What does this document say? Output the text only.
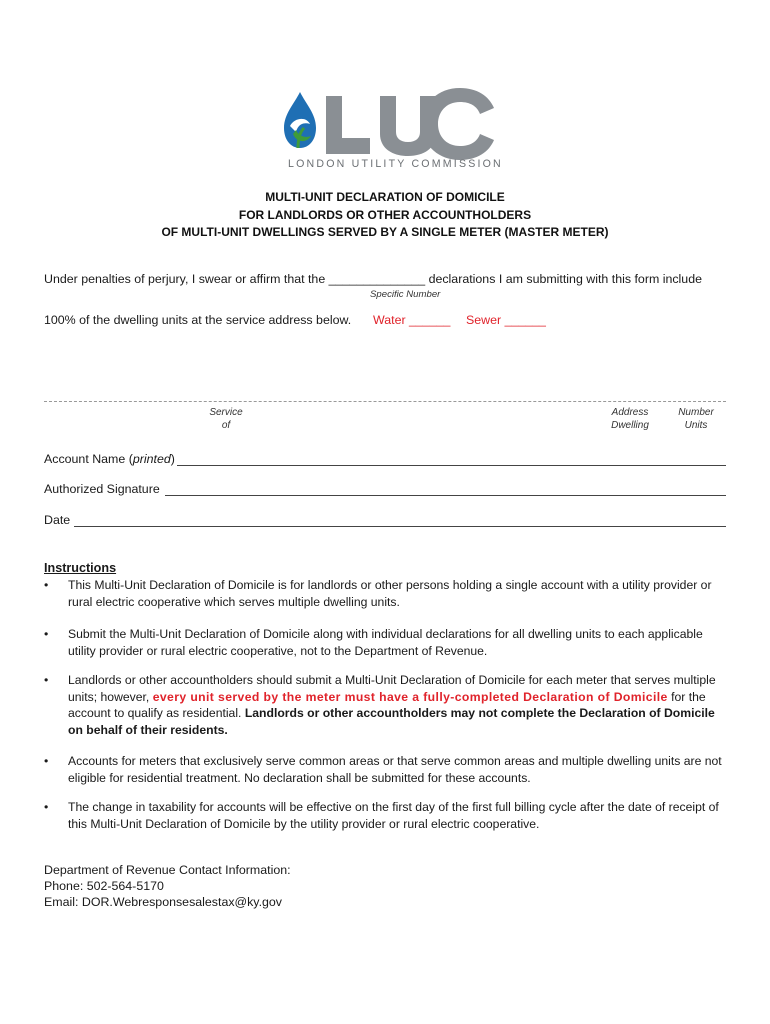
LONDON UTILITY COMMISSION
MULTI-UNIT DECLARATION OF DOMICILE
FOR LANDLORDS OR OTHER ACCOUNTHOLDERS
OF MULTI-UNIT DWELLINGS SERVED BY A SINGLE METER (MASTER METER)
Under penalties of perjury, I swear or affirm that the ______________ declarations I am submitting with this form include
Specific Number
100% of the dwelling units at the service address below. Water ______ Sewer ______
Service
of
Address
Dwelling
Number
Units
Account Name (printed)
Authorized Signature
Date
Instructions
• This Multi-Unit Declaration of Domicile is for landlords or other persons holding a single account with a utility provider or rural electric cooperative which serves multiple dwelling units.
• Submit the Multi-Unit Declaration of Domicile along with individual declarations for all dwelling units to each applicable utility provider or rural electric cooperative, not to the Department of Revenue.
• Landlords or other accountholders should submit a Multi-Unit Declaration of Domicile for each meter that serves multiple units; however, every unit served by the meter must have a fully-completed Declaration of Domicile for the account to qualify as residential. Landlords or other accountholders may not complete the Declaration of Domicile on behalf of their residents.
• Accounts for meters that exclusively serve common areas or that serve common areas and multiple dwelling units are not eligible for residential treatment. No declaration shall be submitted for these accounts.
• The change in taxability for accounts will be effective on the first day of the first full billing cycle after the date of receipt of this Multi-Unit Declaration of Domicile by the utility provider or rural electric cooperative.
Department of Revenue Contact Information:
Phone: 502-564-5170
Email: DOR.Webresponsesalestax@ky.gov
